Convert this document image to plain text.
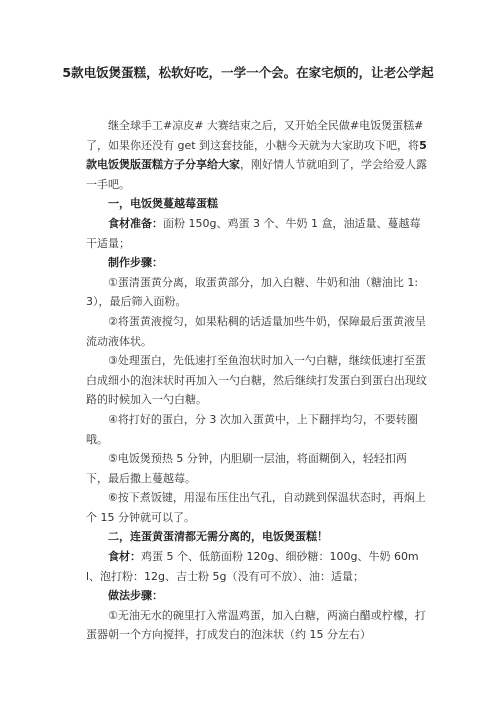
5款电饭煲蛋糕，松软好吃，一学一个会。在家宅烦的，让老公学起

继全球手工#凉皮# 大赛结束之后，又开始全民做#电饭煲蛋糕#了，如果你还没有 get 到这套技能，小糖今天就为大家助攻下吧，将5款电饭煲版蛋糕方子分享给大家，刚好情人节就咱到了，学会给爱人露一手吧。

一，电饭煲蔓越莓蛋糕

食材准备：面粉 150g、鸡蛋 3 个、牛奶 1 盒，油适量、蔓越莓干适量；

制作步骤：

①蛋清蛋黄分离，取蛋黄部分，加入白糖、牛奶和油（糖油比 1:3），最后筛入面粉。

②将蛋黄液搅匀，如果粘稠的话适量加些牛奶，保障最后蛋黄液呈流动液体状。

③处理蛋白，先低速打至鱼泡状时加入一勺白糖，继续低速打至蛋白成细小的泡沫状时再加入一勺白糖，然后继续打发蛋白到蛋白出现纹路的时候加入一勺白糖。

④将打好的蛋白，分 3 次加入蛋黄中，上下翻拌均匀，不要转圈哦。

⑤电饭煲预热 5 分钟，内胆刷一层油，将面糊倒入，轻轻扣两下，最后撒上蔓越莓。

⑥按下煮饭键，用湿布压住出气孔，自动跳到保温状态时，再焖上个 15 分钟就可以了。

二，连蛋黄蛋清都无需分离的，电饭煲蛋糕！

食材：鸡蛋 5 个、低筋面粉 120g、细砂糖：100g、牛奶 60ml、泡打粉：12g、吉士粉 5g（没有可不放）、油：适量；

做法步骤：

①无油无水的碗里打入常温鸡蛋，加入白糖，两滴白醋或柠檬，打蛋器朝一个方向搅拌，打成发白的泡沫状（约 15 分左右）
